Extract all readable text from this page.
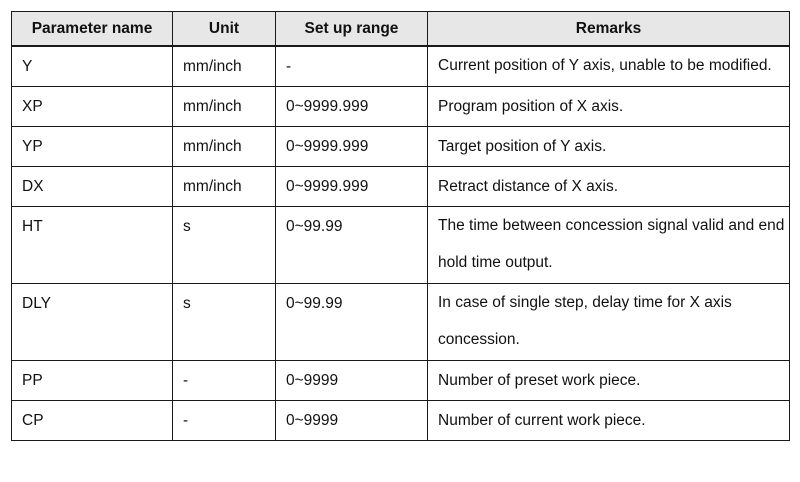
Parameter name	Unit	Set up range	Remarks
Y	mm/inch	-	Current position of Y axis, unable to be modified.
XP	mm/inch	0~9999.999	Program position of X axis.
YP	mm/inch	0~9999.999	Target position of Y axis.
DX	mm/inch	0~9999.999	Retract distance of X axis.
HT	s	0~99.99	The time between concession signal valid and end hold time output.
DLY	s	0~99.99	In case of single step, delay time for X axis concession.
PP	-	0~9999	Number of preset work piece.
CP	-	0~9999	Number of current work piece.
